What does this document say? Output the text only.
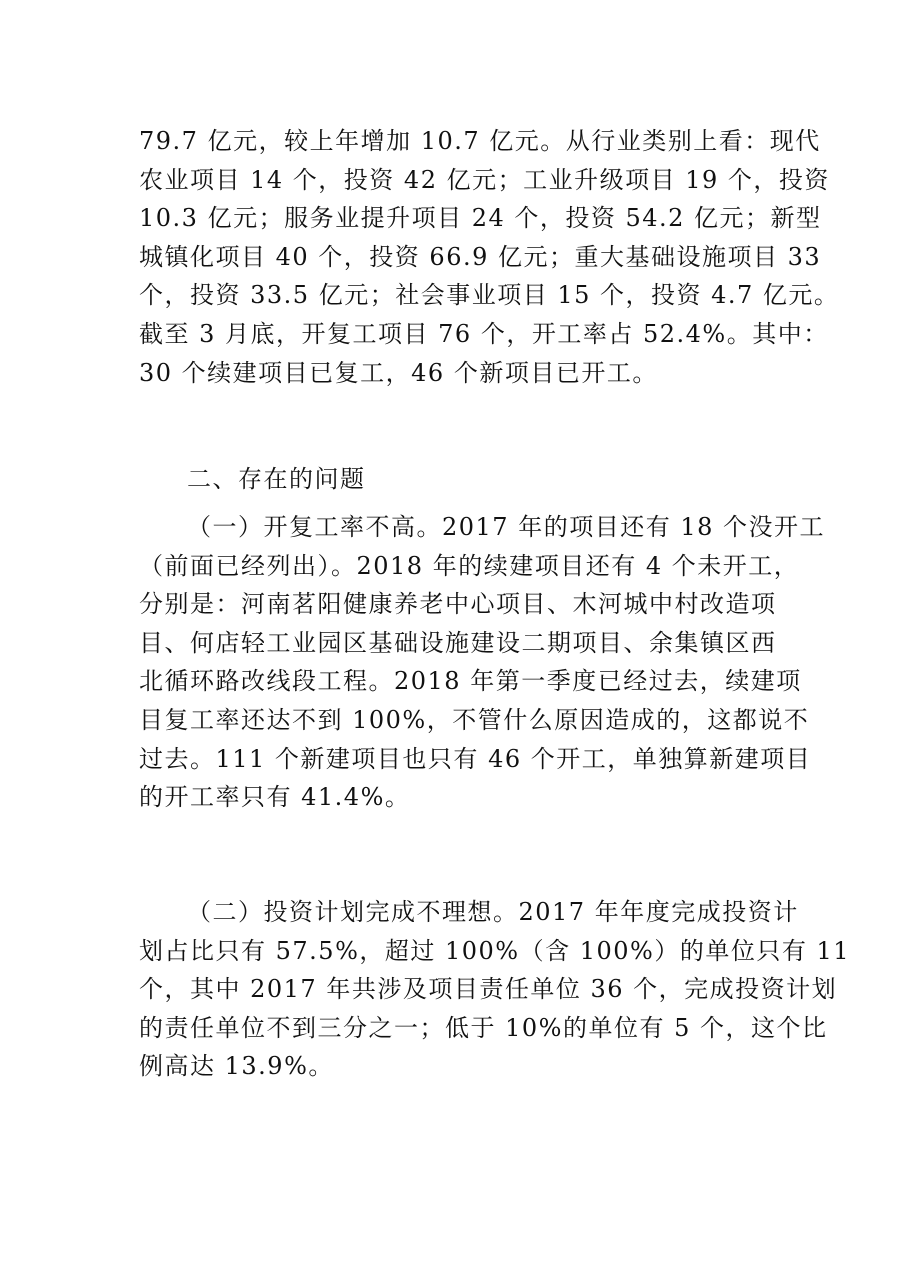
79.7 亿元，较上年增加 10.7 亿元。从行业类别上看：现代
农业项目 14 个，投资 42 亿元；工业升级项目 19 个，投资
10.3 亿元；服务业提升项目 24 个，投资 54.2 亿元；新型
城镇化项目 40 个，投资 66.9 亿元；重大基础设施项目 33
个，投资 33.5 亿元；社会事业项目 15 个，投资 4.7 亿元。
截至 3 月底，开复工项目 76 个，开工率占 52.4%。其中：
30 个续建项目已复工，46 个新项目已开工。
二、存在的问题
（一）开复工率不高。2017 年的项目还有 18 个没开工
（前面已经列出）。2018 年的续建项目还有 4 个未开工，
分别是：河南茗阳健康养老中心项目、木河城中村改造项
目、何店轻工业园区基础设施建设二期项目、余集镇区西
北循环路改线段工程。2018 年第一季度已经过去，续建项
目复工率还达不到 100%，不管什么原因造成的，这都说不
过去。111 个新建项目也只有 46 个开工，单独算新建项目
的开工率只有 41.4%。
（二）投资计划完成不理想。2017 年年度完成投资计
划占比只有 57.5%，超过 100%（含 100%）的单位只有 11
个，其中 2017 年共涉及项目责任单位 36 个，完成投资计划
的责任单位不到三分之一；低于 10%的单位有 5 个，这个比
例高达 13.9%。
